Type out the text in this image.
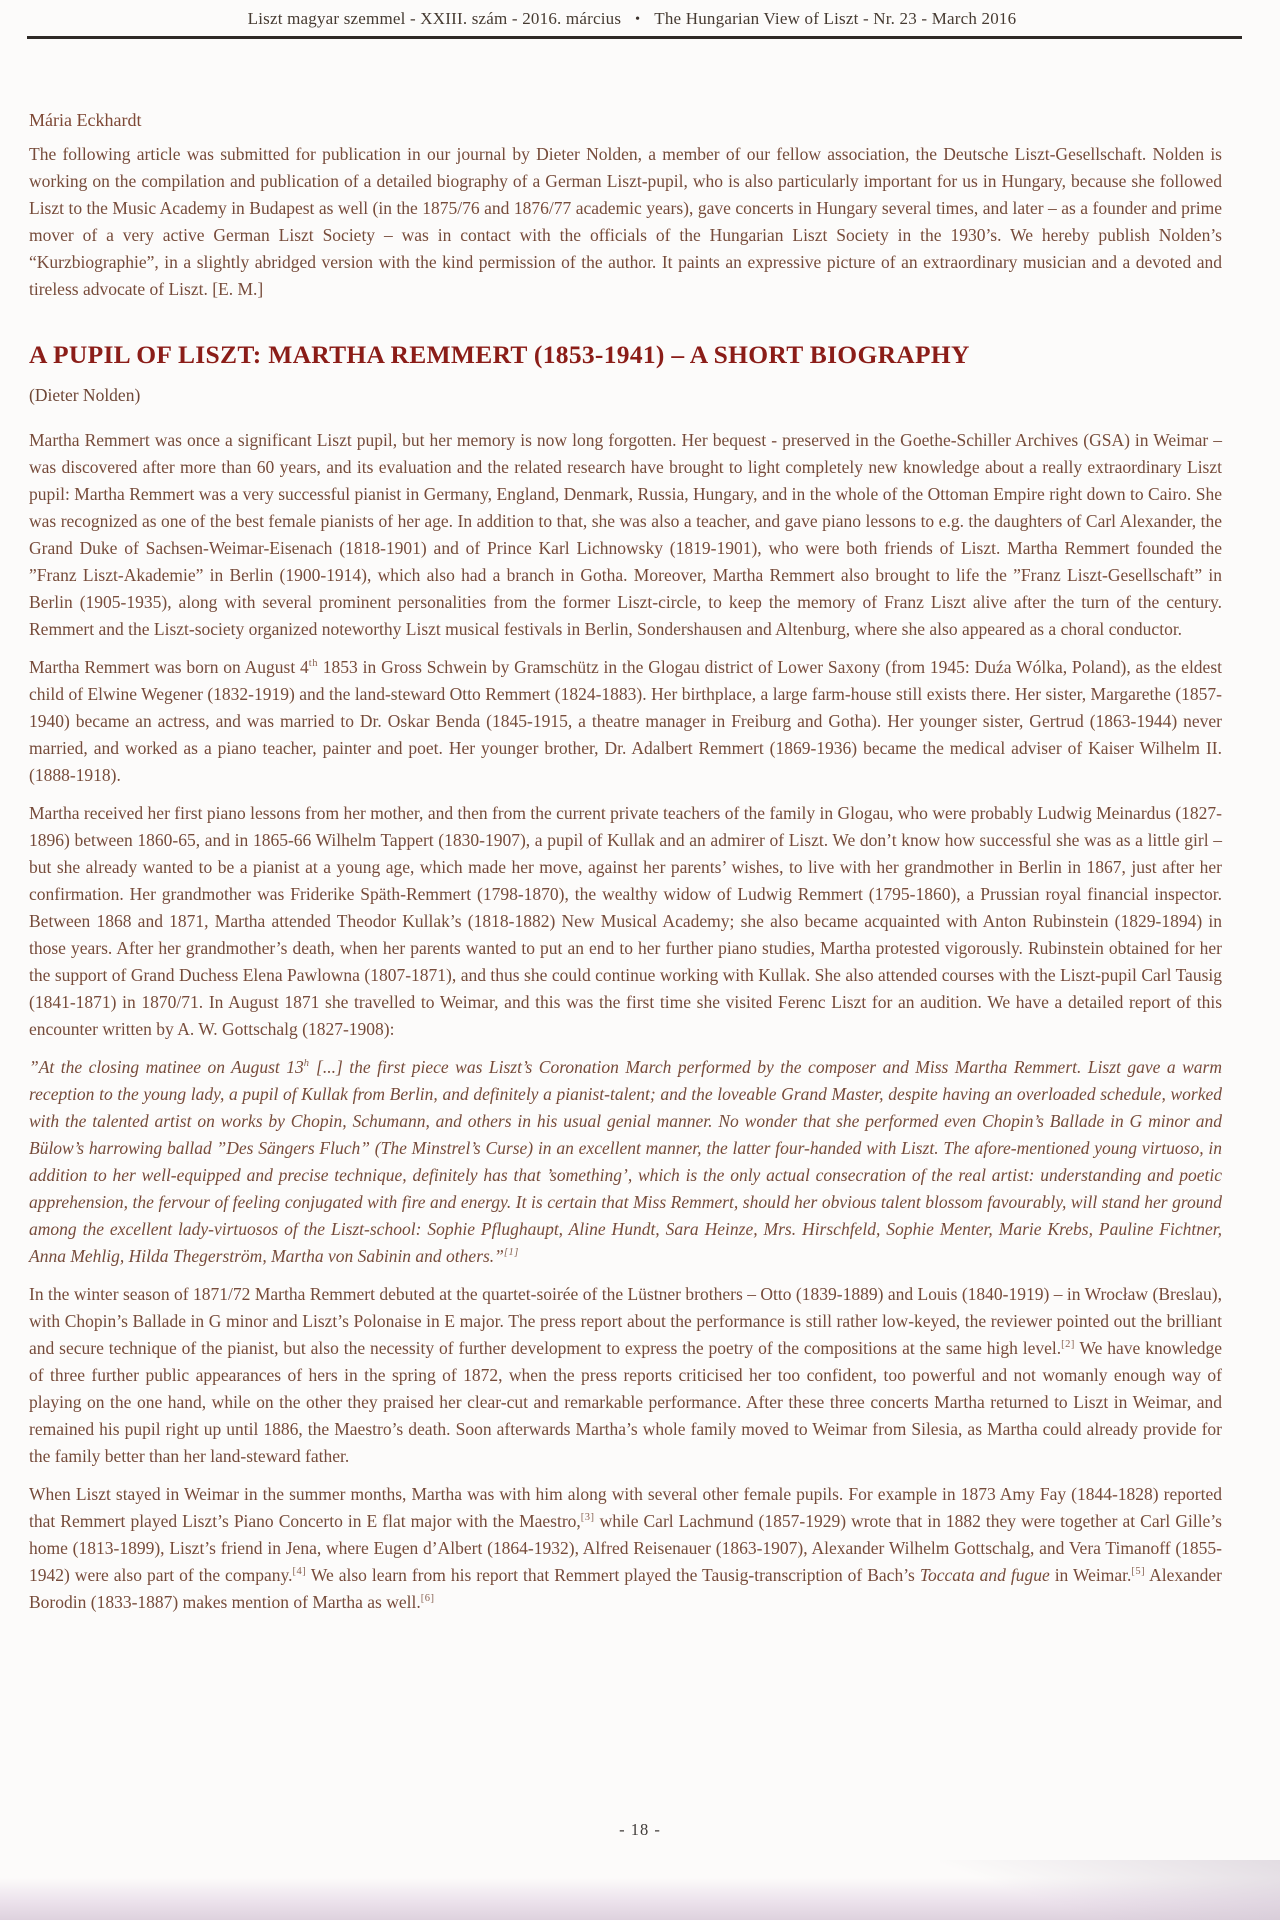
Liszt magyar szemmel - XXIII. szám - 2016. március • The Hungarian View of Liszt - Nr. 23 - March 2016

Mária Eckhardt

The following article was submitted for publication in our journal by Dieter Nolden, a member of our fellow association, the Deutsche Liszt-Gesellschaft. Nolden is working on the compilation and publication of a detailed biography of a German Liszt-pupil, who is also particularly important for us in Hungary, because she followed Liszt to the Music Academy in Budapest as well (in the 1875/76 and 1876/77 academic years), gave concerts in Hungary several times, and later – as a founder and prime mover of a very active German Liszt Society – was in contact with the officials of the Hungarian Liszt Society in the 1930’s. We hereby publish Nolden’s “Kurzbiographie”, in a slightly abridged version with the kind permission of the author. It paints an expressive picture of an extraordinary musician and a devoted and tireless advocate of Liszt. [E. M.]

A PUPIL OF LISZT: MARTHA REMMERT (1853-1941) – A SHORT BIOGRAPHY

(Dieter Nolden)

Martha Remmert was once a significant Liszt pupil, but her memory is now long forgotten. Her bequest - preserved in the Goethe-Schiller Archives (GSA) in Weimar – was discovered after more than 60 years, and its evaluation and the related research have brought to light completely new knowledge about a really extraordinary Liszt pupil: Martha Remmert was a very successful pianist in Germany, England, Denmark, Russia, Hungary, and in the whole of the Ottoman Empire right down to Cairo. She was recognized as one of the best female pianists of her age. In addition to that, she was also a teacher, and gave piano lessons to e.g. the daughters of Carl Alexander, the Grand Duke of Sachsen-Weimar-Eisenach (1818-1901) and of Prince Karl Lichnowsky (1819-1901), who were both friends of Liszt. Martha Remmert founded the ”Franz Liszt-Akademie” in Berlin (1900-1914), which also had a branch in Gotha. Moreover, Martha Remmert also brought to life the ”Franz Liszt-Gesellschaft” in Berlin (1905-1935), along with several prominent personalities from the former Liszt-circle, to keep the memory of Franz Liszt alive after the turn of the century. Remmert and the Liszt-society organized noteworthy Liszt musical festivals in Berlin, Sondershausen and Altenburg, where she also appeared as a choral conductor.

Martha Remmert was born on August 4th 1853 in Gross Schwein by Gramschütz in the Glogau district of Lower Saxony (from 1945: Duźa Wólka, Poland), as the eldest child of Elwine Wegener (1832-1919) and the land-steward Otto Remmert (1824-1883). Her birthplace, a large farm-house still exists there. Her sister, Margarethe (1857-1940) became an actress, and was married to Dr. Oskar Benda (1845-1915, a theatre manager in Freiburg and Gotha). Her younger sister, Gertrud (1863-1944) never married, and worked as a piano teacher, painter and poet. Her younger brother, Dr. Adalbert Remmert (1869-1936) became the medical adviser of Kaiser Wilhelm II. (1888-1918).

Martha received her first piano lessons from her mother, and then from the current private teachers of the family in Glogau, who were probably Ludwig Meinardus (1827-1896) between 1860-65, and in 1865-66 Wilhelm Tappert (1830-1907), a pupil of Kullak and an admirer of Liszt. We don’t know how successful she was as a little girl – but she already wanted to be a pianist at a young age, which made her move, against her parents’ wishes, to live with her grandmother in Berlin in 1867, just after her confirmation. Her grandmother was Friderike Späth-Remmert (1798-1870), the wealthy widow of Ludwig Remmert (1795-1860), a Prussian royal financial inspector. Between 1868 and 1871, Martha attended Theodor Kullak’s (1818-1882) New Musical Academy; she also became acquainted with Anton Rubinstein (1829-1894) in those years. After her grandmother’s death, when her parents wanted to put an end to her further piano studies, Martha protested vigorously. Rubinstein obtained for her the support of Grand Duchess Elena Pawlowna (1807-1871), and thus she could continue working with Kullak. She also attended courses with the Liszt-pupil Carl Tausig (1841-1871) in 1870/71. In August 1871 she travelled to Weimar, and this was the first time she visited Ferenc Liszt for an audition. We have a detailed report of this encounter written by A. W. Gottschalg (1827-1908):

”At the closing matinee on August 13$^h$ [...] the first piece was Liszt’s Coronation March performed by the composer and Miss Martha Remmert. Liszt gave a warm reception to the young lady, a pupil of Kullak from Berlin, and definitely a pianist-talent; and the loveable Grand Master, despite having an overloaded schedule, worked with the talented artist on works by Chopin, Schumann, and others in his usual genial manner. No wonder that she performed even Chopin’s Ballade in G minor and Bülow’s harrowing ballad ”Des Sängers Fluch” (The Minstrel’s Curse) in an excellent manner, the latter four-handed with Liszt. The afore-mentioned young virtuoso, in addition to her well-equipped and precise technique, definitely has that ’something’, which is the only actual consecration of the real artist: understanding and poetic apprehension, the fervour of feeling conjugated with fire and energy. It is certain that Miss Remmert, should her obvious talent blossom favourably, will stand her ground among the excellent lady-virtuosos of the Liszt-school: Sophie Pflughaupt, Aline Hundt, Sara Heinze, Mrs. Hirschfeld, Sophie Menter, Marie Krebs, Pauline Fichtner, Anna Mehlig, Hilda Thegerström, Martha von Sabinin and others.”[1]

In the winter season of 1871/72 Martha Remmert debuted at the quartet-soirée of the Lüstner brothers – Otto (1839-1889) and Louis (1840-1919) – in Wrocław (Breslau), with Chopin’s Ballade in G minor and Liszt’s Polonaise in E major. The press report about the performance is still rather low-keyed, the reviewer pointed out the brilliant and secure technique of the pianist, but also the necessity of further development to express the poetry of the compositions at the same high level.[2] We have knowledge of three further public appearances of hers in the spring of 1872, when the press reports criticised her too confident, too powerful and not womanly enough way of playing on the one hand, while on the other they praised her clear-cut and remarkable performance. After these three concerts Martha returned to Liszt in Weimar, and remained his pupil right up until 1886, the Maestro’s death. Soon afterwards Martha’s whole family moved to Weimar from Silesia, as Martha could already provide for the family better than her land-steward father.

When Liszt stayed in Weimar in the summer months, Martha was with him along with several other female pupils. For example in 1873 Amy Fay (1844-1828) reported that Remmert played Liszt’s Piano Concerto in E flat major with the Maestro,[3] while Carl Lachmund (1857-1929) wrote that in 1882 they were together at Carl Gille’s home (1813-1899), Liszt’s friend in Jena, where Eugen d’Albert (1864-1932), Alfred Reisenauer (1863-1907), Alexander Wilhelm Gottschalg, and Vera Timanoff (1855-1942) were also part of the company.[4] We also learn from his report that Remmert played the Tausig-transcription of Bach’s Toccata and fugue in Weimar.[5] Alexander Borodin (1833-1887) makes mention of Martha as well.[6]

- 18 -
